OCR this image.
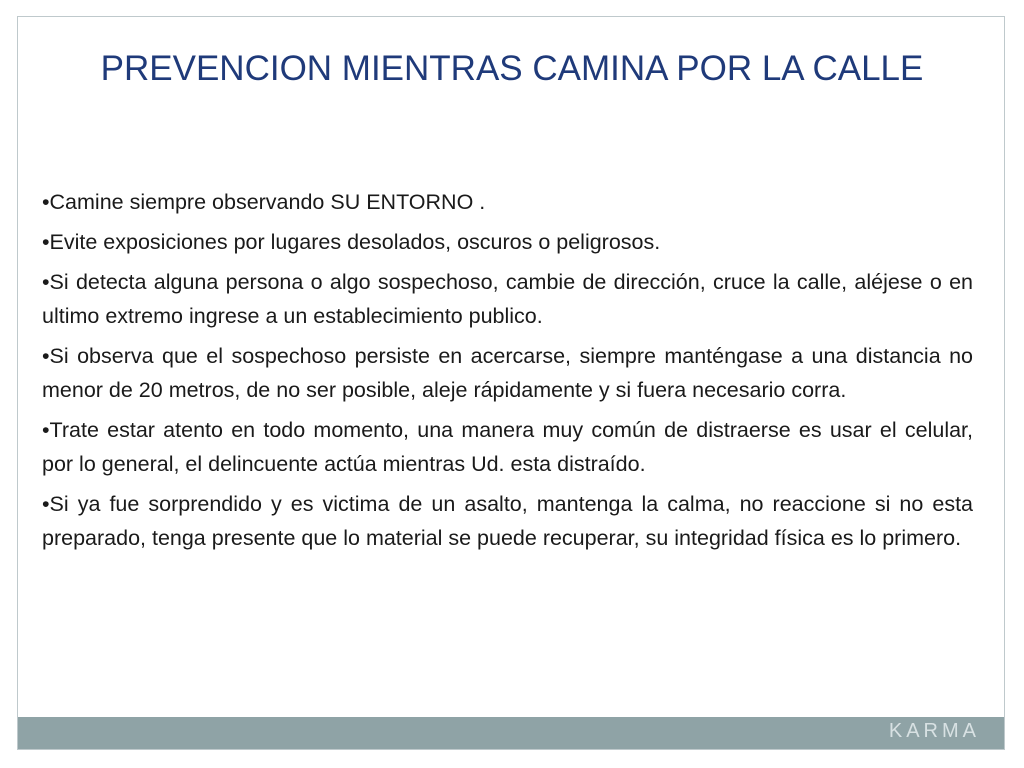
PREVENCION MIENTRAS CAMINA POR LA CALLE
•Camine siempre observando SU ENTORNO .
•Evite exposiciones por lugares desolados, oscuros o peligrosos.
•Si detecta alguna persona o algo sospechoso, cambie de dirección, cruce la calle, aléjese o en ultimo extremo ingrese a un establecimiento publico.
•Si observa que el sospechoso persiste en acercarse, siempre manténgase a una distancia no menor de 20 metros, de no ser posible, aleje rápidamente y si fuera necesario corra.
•Trate estar atento en todo momento, una manera muy común de distraerse es usar el celular, por lo general, el delincuente actúa mientras Ud. esta distraído.
•Si ya fue sorprendido y es victima de un asalto, mantenga la calma, no reaccione si no esta preparado, tenga presente que lo material se puede recuperar, su integridad física es lo primero.
KARMA
